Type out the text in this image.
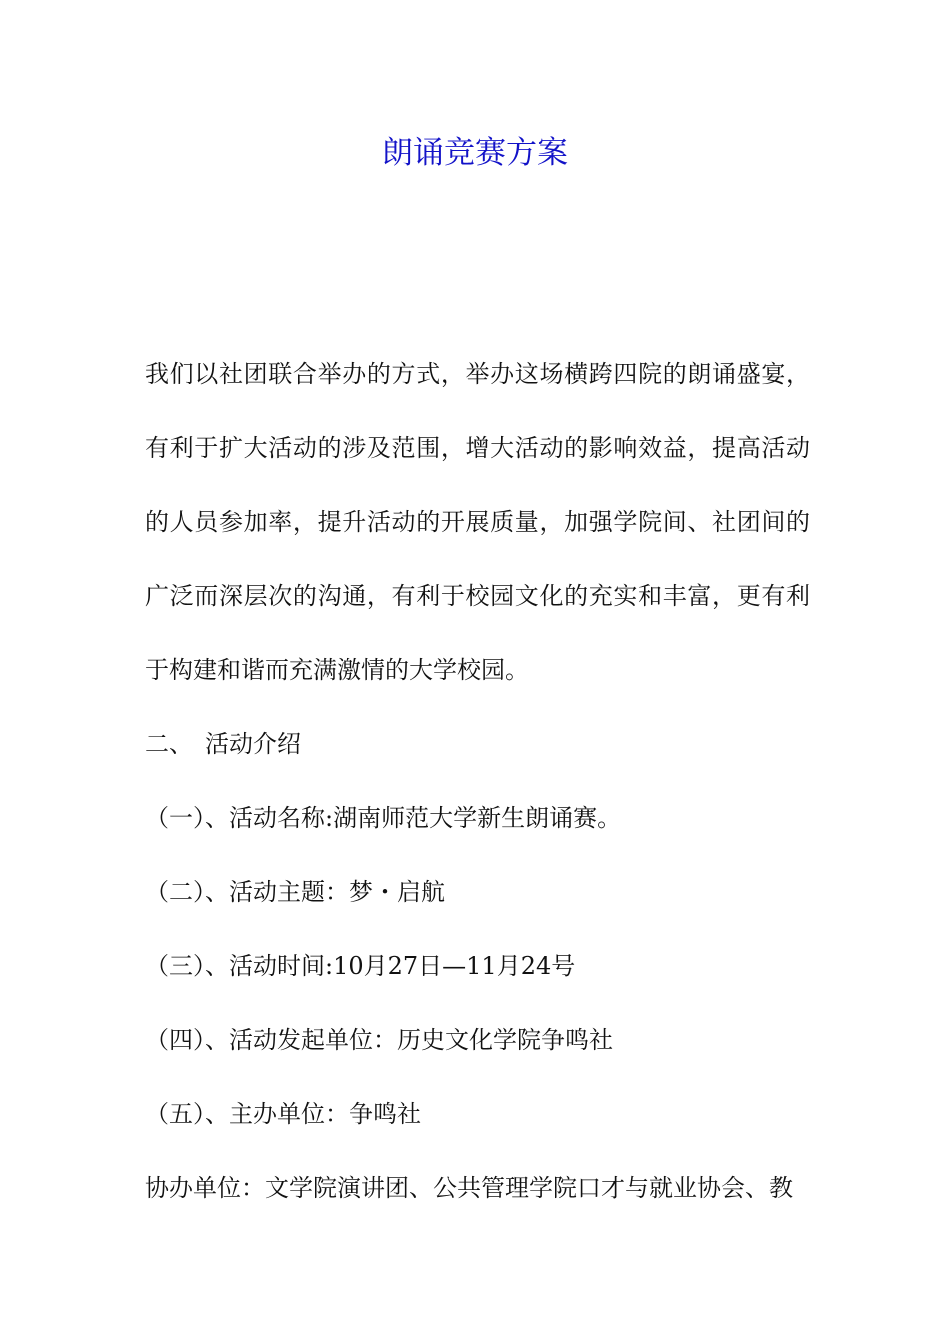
朗诵竞赛方案

我们以社团联合举办的方式，举办这场横跨四院的朗诵盛宴，有利于扩大活动的涉及范围，增大活动的影响效益，提高活动的人员参加率，提升活动的开展质量，加强学院间、社团间的广泛而深层次的沟通，有利于校园文化的充实和丰富，更有利于构建和谐而充满激情的大学校园。

二、 活动介绍

（一）、活动名称:湖南师范大学新生朗诵赛。

（二）、活动主题：梦・启航

（三）、活动时间:10月27日—11月24号

（四）、活动发起单位：历史文化学院争鸣社

（五）、主办单位：争鸣社

协办单位：文学院演讲团、公共管理学院口才与就业协会、教
